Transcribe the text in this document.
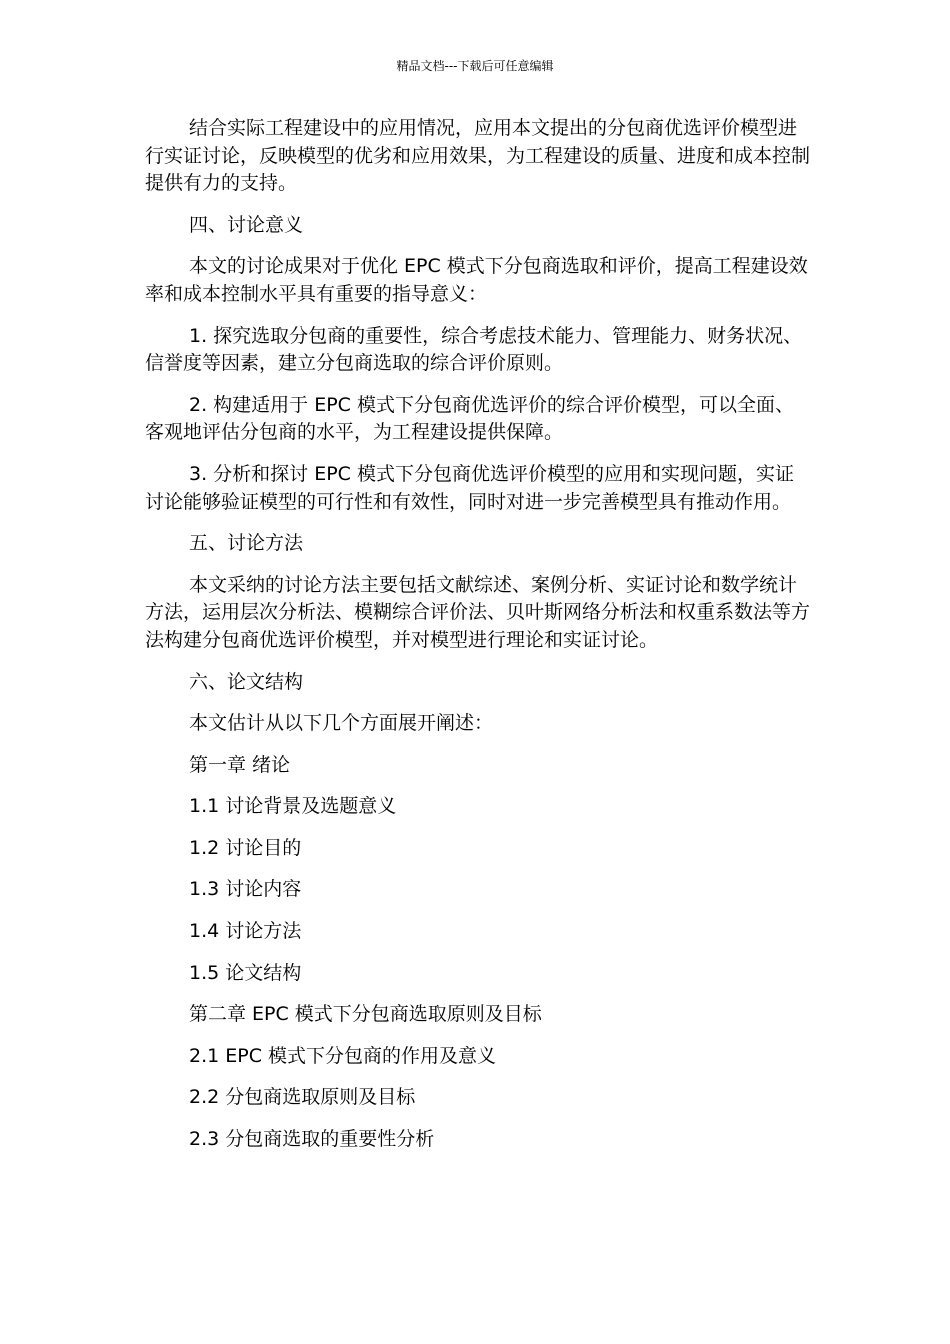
精品文档---下载后可任意编辑

结合实际工程建设中的应用情况，应用本文提出的分包商优选评价模型进行实证讨论，反映模型的优劣和应用效果，为工程建设的质量、进度和成本控制提供有力的支持。

四、讨论意义

本文的讨论成果对于优化 EPC 模式下分包商选取和评价，提高工程建设效率和成本控制水平具有重要的指导意义：

1. 探究选取分包商的重要性，综合考虑技术能力、管理能力、财务状况、信誉度等因素，建立分包商选取的综合评价原则。

2. 构建适用于 EPC 模式下分包商优选评价的综合评价模型，可以全面、客观地评估分包商的水平，为工程建设提供保障。

3. 分析和探讨 EPC 模式下分包商优选评价模型的应用和实现问题，实证讨论能够验证模型的可行性和有效性，同时对进一步完善模型具有推动作用。

五、讨论方法

本文采纳的讨论方法主要包括文献综述、案例分析、实证讨论和数学统计方法，运用层次分析法、模糊综合评价法、贝叶斯网络分析法和权重系数法等方法构建分包商优选评价模型，并对模型进行理论和实证讨论。

六、论文结构

本文估计从以下几个方面展开阐述：

第一章 绪论

1.1 讨论背景及选题意义

1.2 讨论目的

1.3 讨论内容

1.4 讨论方法

1.5 论文结构

第二章 EPC 模式下分包商选取原则及目标

2.1 EPC 模式下分包商的作用及意义

2.2 分包商选取原则及目标

2.3 分包商选取的重要性分析
